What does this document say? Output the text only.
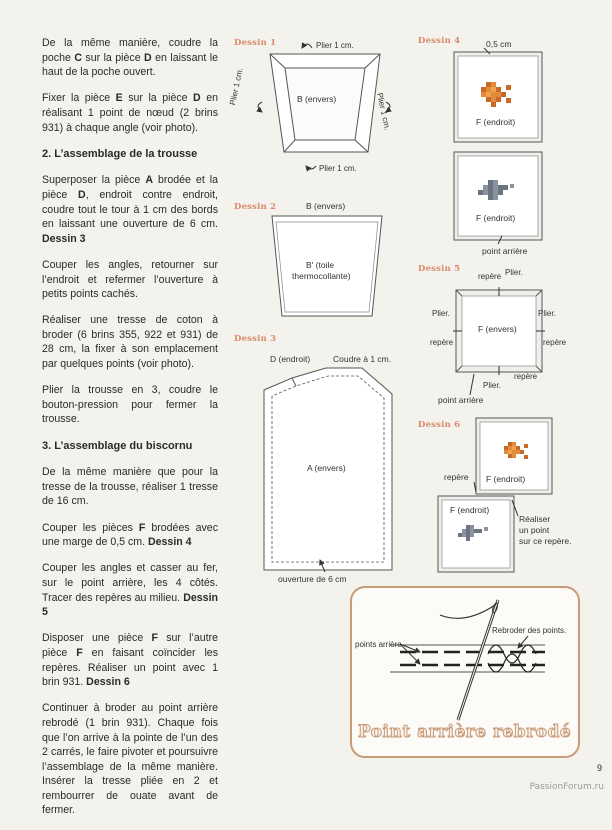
De la même manière, coudre la poche C sur la pièce D en laissant le haut de la poche ouvert.

Fixer la pièce E sur la pièce D en réalisant 1 point de nœud (2 brins 931) à chaque angle (voir photo).

2. L’assemblage de la trousse

Superposer la pièce A brodée et la pièce D, endroit contre endroit, coudre tout le tour à 1 cm des bords en laissant une ouverture de 6 cm. Dessin 3

Couper les angles, retourner sur l’endroit et refermer l’ouverture à petits points cachés.

Réaliser une tresse de coton à broder (6 brins 355, 922 et 931) de 28 cm, la fixer à son emplacement par quelques points (voir photo).

Plier la trousse en 3, coudre le bouton-pression pour fermer la trousse.

3. L’assemblage du biscornu

De la même manière que pour la tresse de la trousse, réaliser 1 tresse de 16 cm.

Couper les pièces F brodées avec une marge de 0,5 cm. Dessin 4

Couper les angles et casser au fer, sur le point arrière, les 4 côtés. Tracer des repères au milieu. Dessin 5

Disposer une pièce F sur l’autre pièce F en faisant coïncider les repères. Réaliser un point avec 1 brin 931. Dessin 6

Continuer à broder au point arrière rebrodé (1 brin 931). Chaque fois que l’on arrive à la pointe de l’un des 2 carrés, le faire pivoter et poursuivre l’assemblage de la même manière. Insérer la tresse pliée en 2 et rembourrer de ouate avant de fermer.

Dessin 1	Plier 1 cm.
Plier 1 cm.
Plier 1 cm.
B (envers)
Plier 1 cm.
Dessin 2	B (envers)
B' (toile
thermocollante)
Dessin 3
D (endroit)	Coudre à 1 cm.
A (envers)
ouverture de 6 cm
Dessin 4	0,5 cm
F (endroit)
F (endroit)
point arrière
Dessin 5
repère Plier.
Plier.
repère
Plier.
repère
F (envers)
Plier.
repère
point arrière
Dessin 6
F (endroit)
repère
F (endroit)
Réaliser
un point
sur ce repère.
points arrière
Rebroder des points.
Point arrière rebrodé
9
PassionForum.ru
